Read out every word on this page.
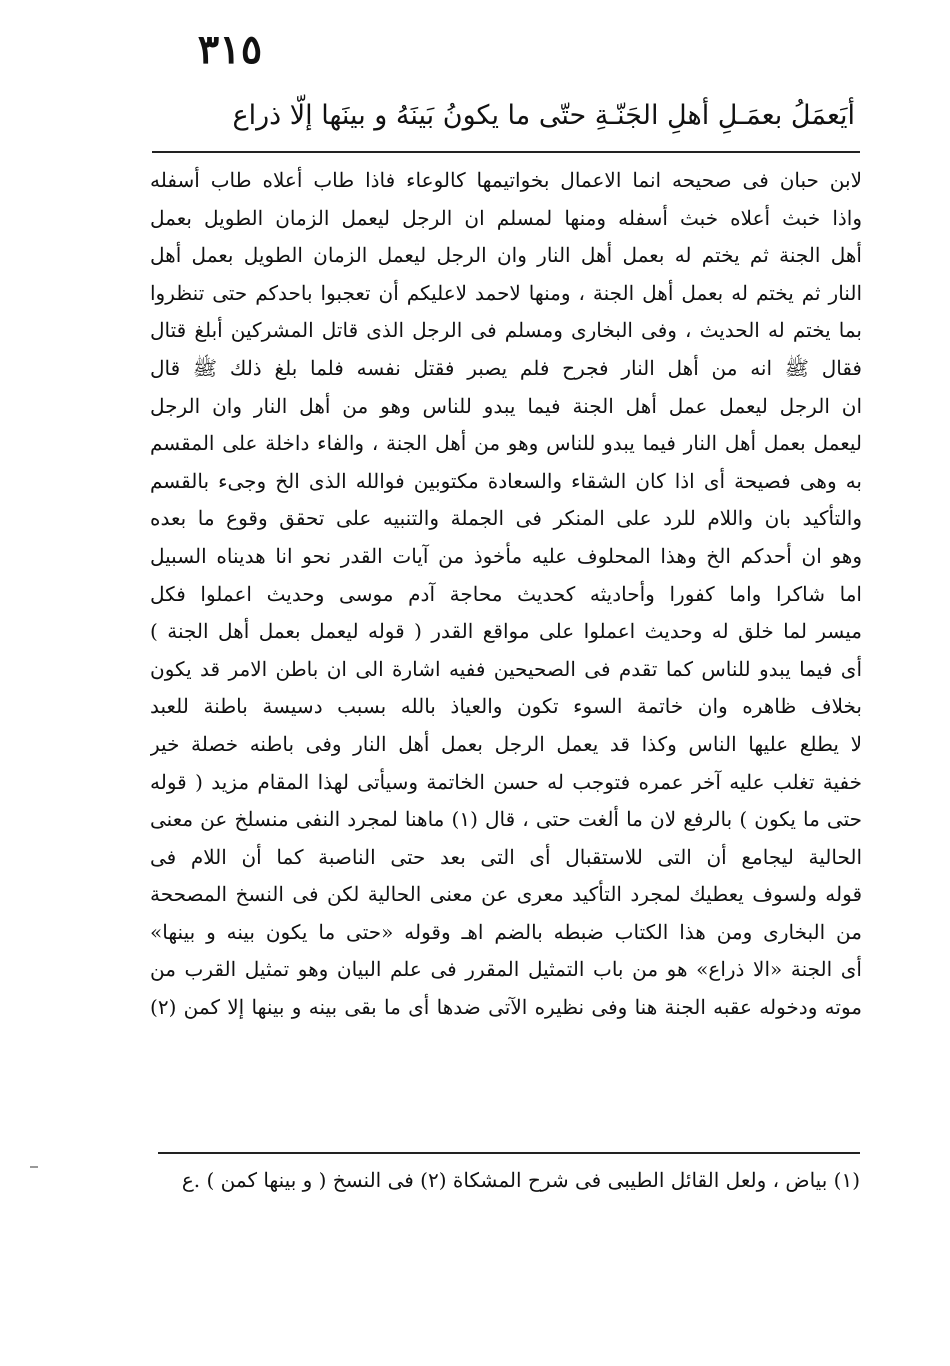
٣١٥
أيَعمَلُ بعمَـلِ أهلِ الجَنّـةِ حتّى ما يكونُ بَينَهُ و بينَها إلّا ذراع
لابن حبان فى صحيحه انما الاعمال بخواتيمها كالوعاء فاذا طاب أعلاه طاب أسفله
واذا خبث أعلاه خبث أسفله ومنها لمسلم ان الرجل ليعمل الزمان الطويل بعمل
أهل الجنة ثم يختم له بعمل أهل النار وان الرجل ليعمل الزمان الطويل بعمل أهل
النار ثم يختم له بعمل أهل الجنة ، ومنها لاحمد لاعليكم أن تعجبوا باحدكم حتى تنظروا
بما يختم له الحديث ، وفى البخارى ومسلم فى الرجل الذى قاتل المشركين أبلغ قتال
فقال ﷺ انه من أهل النار فجرح فلم يصبر فقتل نفسه فلما بلغ ذلك ﷺ قال
ان الرجل ليعمل عمل أهل الجنة فيما يبدو للناس وهو من أهل النار وان الرجل
ليعمل بعمل أهل النار فيما يبدو للناس وهو من أهل الجنة ، والفاء داخلة على المقسم
به وهى فصيحة أى اذا كان الشقاء والسعادة مكتوبين فوالله الذى الخ وجىء بالقسم
والتأكيد بان واللام للرد على المنكر فى الجملة والتنبيه على تحقق وقوع ما بعده
وهو ان أحدكم الخ وهذا المحلوف عليه مأخوذ من آيات القدر نحو انا هديناه السبيل
اما شاكرا واما كفورا وأحاديثه كحديث محاجة آدم موسى وحديث اعملوا فكل
ميسر لما خلق له وحديث اعملوا على مواقع القدر ( قوله ليعمل بعمل أهل الجنة )
أى فيما يبدو للناس كما تقدم فى الصحيحين ففيه اشارة الى ان باطن الامر قد يكون
بخلاف ظاهره وان خاتمة السوء تكون والعياذ بالله بسبب دسيسة باطنة للعبد
لا يطلع عليها الناس وكذا قد يعمل الرجل بعمل أهل النار وفى باطنه خصلة خير
خفية تغلب عليه آخر عمره فتوجب له حسن الخاتمة وسيأتى لهذا المقام مزيد ( قوله
حتى ما يكون ) بالرفع لان ما ألغت حتى ، قال (١) ماهنا لمجرد النفى منسلخ عن معنى
الحالية ليجامع أن التى للاستقبال أى التى بعد حتى الناصبة كما أن اللام فى
قوله ولسوف يعطيك لمجرد التأكيد معرى عن معنى الحالية لكن فى النسخ المصححة
من البخارى ومن هذا الكتاب ضبطه بالضم اهـ وقوله «حتى ما يكون بينه و بينها»
أى الجنة «الا ذراع» هو من باب التمثيل المقرر فى علم البيان وهو تمثيل القرب من
موته ودخوله عقبه الجنة هنا وفى نظيره الآتى ضدها أى ما بقى بينه و بينها إلا كمن (٢)
(١) بياض ، ولعل القائل الطيبى فى شرح المشكاة (٢) فى النسخ ( و بينها كمن ) .ع
